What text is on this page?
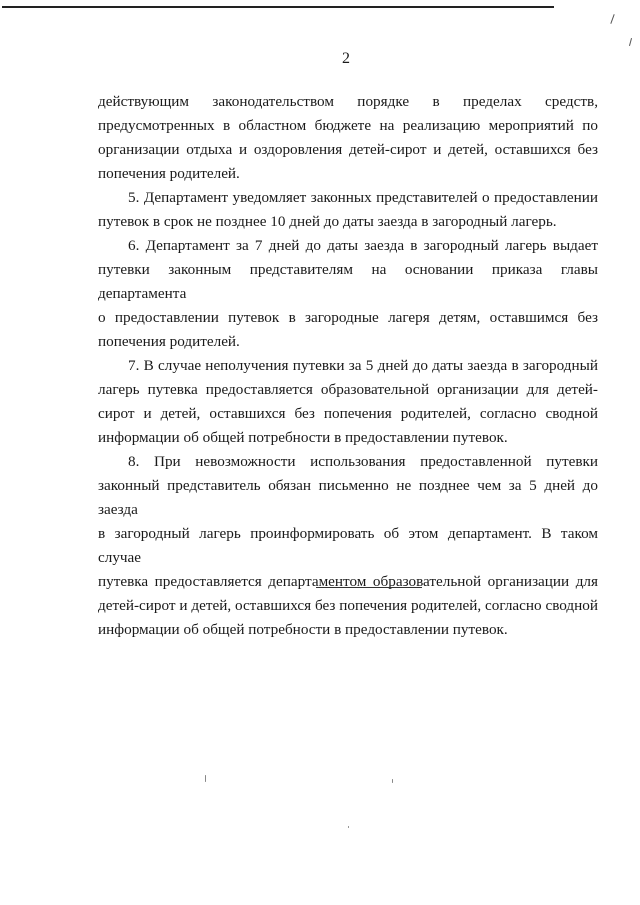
2
действующим законодательством порядке в пределах средств,
предусмотренных в областном бюджете на реализацию мероприятий по
организации отдыха и оздоровления детей-сирот и детей, оставшихся без
попечения родителей.
5. Департамент уведомляет законных представителей о предоставлении
путевок в срок не позднее 10 дней до даты заезда в загородный лагерь.
6. Департамент за 7 дней до даты заезда в загородный лагерь выдает
путевки законным представителям на основании приказа главы департамента
о предоставлении путевок в загородные лагеря детям, оставшимся без
попечения родителей.
7. В случае неполучения путевки за 5 дней до даты заезда в загородный
лагерь путевка предоставляется образовательной организации для детей-
сирот и детей, оставшихся без попечения родителей, согласно сводной
информации об общей потребности в предоставлении путевок.
8. При невозможности использования предоставленной путевки
законный представитель обязан письменно не позднее чем за 5 дней до заезда
в загородный лагерь проинформировать об этом департамент. В таком случае
путевка предоставляется департаментом образовательной организации для
детей-сирот и детей, оставшихся без попечения родителей, согласно сводной
информации об общей потребности в предоставлении путевок.
